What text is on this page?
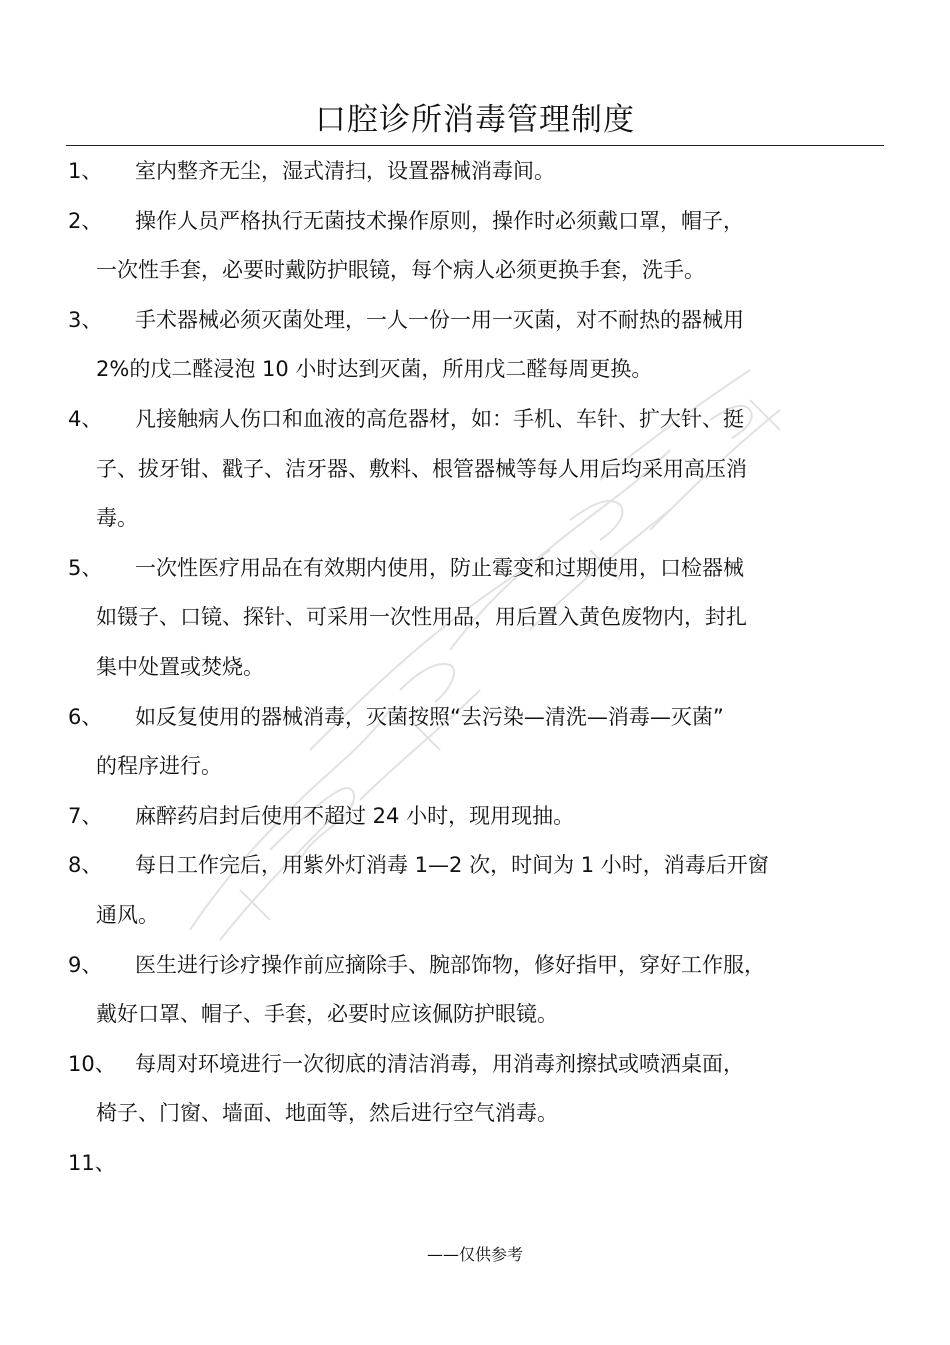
口腔诊所消毒管理制度
1、 室内整齐无尘，湿式清扫，设置器械消毒间。
2、 操作人员严格执行无菌技术操作原则，操作时必须戴口罩，帽子，
一次性手套，必要时戴防护眼镜，每个病人必须更换手套，洗手。
3、 手术器械必须灭菌处理，一人一份一用一灭菌，对不耐热的器械用
2%的戊二醛浸泡 10 小时达到灭菌，所用戊二醛每周更换。
4、 凡接触病人伤口和血液的高危器材，如：手机、车针、扩大针、挺
子、拔牙钳、戳子、洁牙器、敷料、根管器械等每人用后均采用高压消
毒。
5、 一次性医疗用品在有效期内使用，防止霉变和过期使用，口检器械
如镊子、口镜、探针、可采用一次性用品，用后置入黄色废物内，封扎
集中处置或焚烧。
6、 如反复使用的器械消毒，灭菌按照“去污染—清洗—消毒—灭菌”
的程序进行。
7、 麻醉药启封后使用不超过 24 小时，现用现抽。
8、 每日工作完后，用紫外灯消毒 1—2 次，时间为 1 小时，消毒后开窗
通风。
9、 医生进行诊疗操作前应摘除手、腕部饰物，修好指甲，穿好工作服，
戴好口罩、帽子、手套，必要时应该佩防护眼镜。
10、 每周对环境进行一次彻底的清洁消毒，用消毒剂擦拭或喷洒桌面，
椅子、门窗、墙面、地面等，然后进行空气消毒。
11、
——仅供参考
